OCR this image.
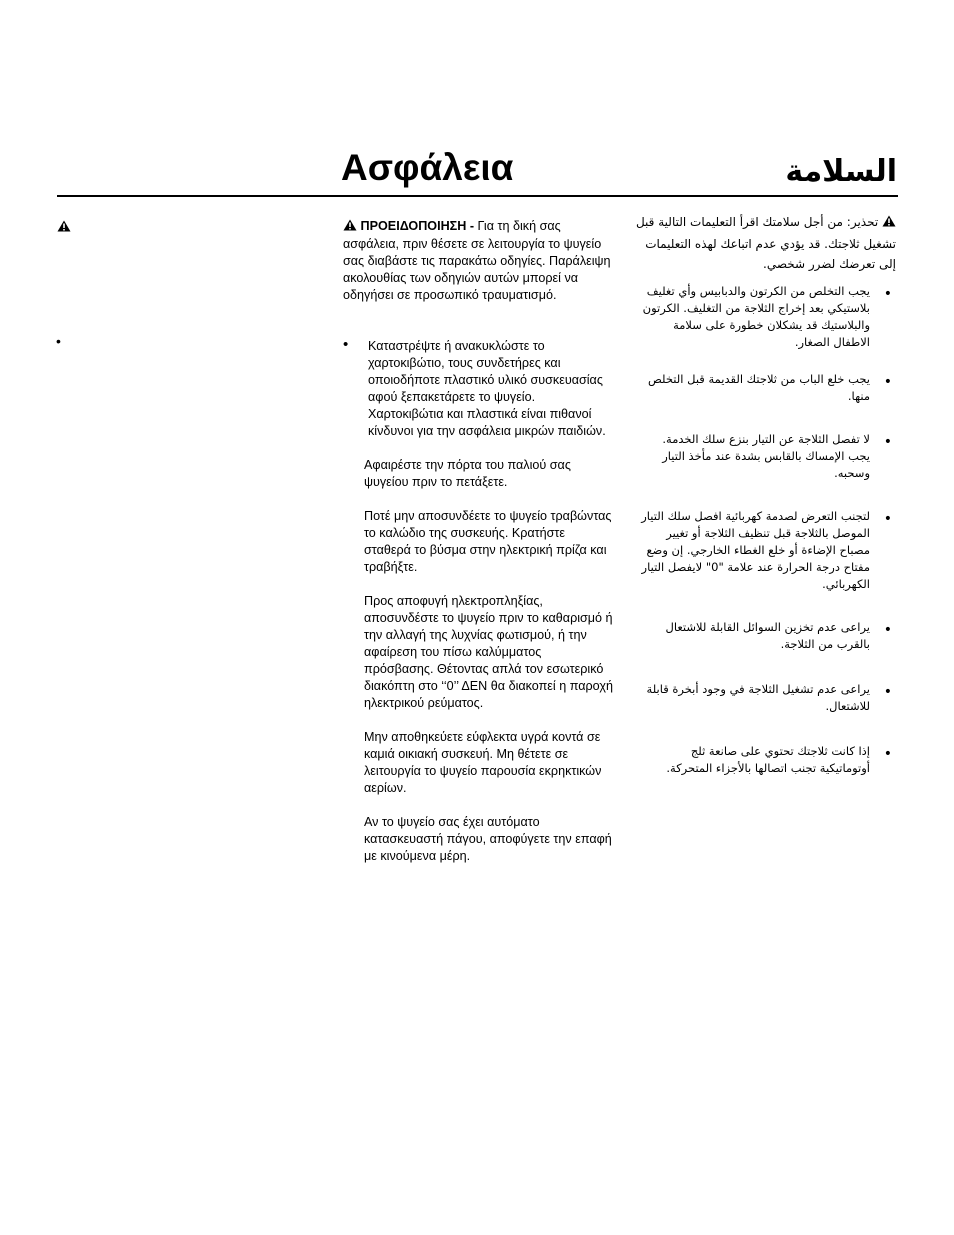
•
Ασφάλεια	السلامة

ΠΡΟΕΙΔΟΠΟΙΗΣΗ - Για τη δική σας ασφάλεια, πριν θέσετε σε λειτουργία το ψυγείο σας διαβάστε τις παρακάτω οδηγίες. Παράλειψη ακολουθίας των οδηγιών αυτών μπορεί να οδηγήσει σε προσωπικό τραυματισμό.

•	Καταστρέψτε ή ανακυκλώστε το χαρτοκιβώτιο, τους συνδετήρες και οποιοδήποτε πλαστικό υλικό συσκευασίας αφού ξεπακετάρετε το ψυγείο. Χαρτοκιβώτια και πλαστικά είναι πιθανοί κίνδυνοι για την ασφάλεια μικρών παιδιών.

Αφαιρέστε την πόρτα του παλιού σας ψυγείου πριν το πετάξετε.

Ποτέ μην αποσυνδέετε το ψυγείο τραβώντας το καλώδιο της συσκευής. Κρατήστε σταθερά το βύσμα στην ηλεκτρική πρίζα και τραβήξτε.

Προς αποφυγή ηλεκτροπληξίας, αποσυνδέστε το ψυγείο πριν το καθαρισμό ή την αλλαγή της λυχνίας φωτισμού, ή την αφαίρεση του πίσω καλύμματος πρόσβασης. Θέτοντας απλά τον εσωτερικό διακόπτη στο ‘‘0’’ ΔΕΝ θα διακοπεί η παροχή ηλεκτρικού ρεύματος.

Μην αποθηκεύετε εύφλεκτα υγρά κοντά σε καμιά οικιακή συσκευή. Μη θέτετε σε λειτουργία το ψυγείο παρουσία εκρηκτικών αερίων.

Αν το ψυγείο σας έχει αυτόματο κατασκευαστή πάγου, αποφύγετε την επαφή με κινούμενα μέρη.

تحذير: من أجل سلامتك اقرأ التعليمات التالية قبل تشغيل ثلاجتك. قد يؤدي عدم اتباعك لهذه التعليمات إلى تعرضك لضرر شخصي.

•

يجب التخلص من الكرتون والدبابيس وأي تغليف بلاستيكي بعد إخراج الثلاجة من التغليف. الكرتون والبلاستيك قد يشكلان خطورة على سلامة الاطفال الصغار.

•

يجب خلع الباب من ثلاجتك القديمة قبل التخلص منها.

•

لا تفصل الثلاجة عن التيار بنزع سلك الخدمة. يجب الإمساك بالقابس بشدة عند مأخذ التيار وسحبه.

•

لتجنب التعرض لصدمة كهربائية افصل سلك التيار الموصل بالثلاجة قبل تنظيف الثلاجة أو تغيير مصباح الإضاءة أو خلع الغطاء الخارجي. إن وضع مفتاح درجة الحرارة عند علامة "0" لايفصل التيار الكهربائي.

•

يراعى عدم تخزين السوائل القابلة للاشتعال بالقرب من الثلاجة.

•

يراعى عدم تشغيل الثلاجة في وجود أبخرة قابلة للاشتعال.

•

إذا كانت ثلاجتك تحتوي على صانعة ثلج أوتوماتيكية تجنب اتصالها بالأجزاء المتحركة.
